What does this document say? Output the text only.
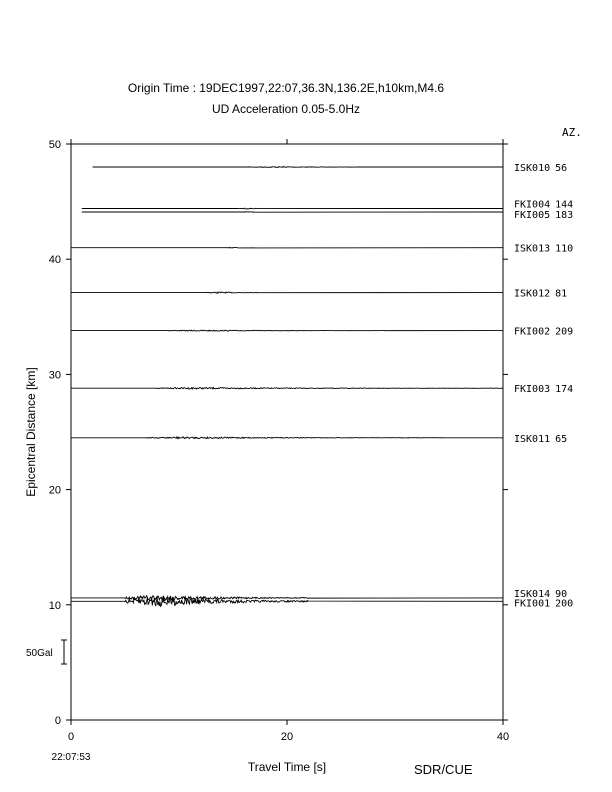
Origin Time : 19DEC1997,22:07,36.3N,136.2E,h10km,M4.6
UD Acceleration 0.05-5.0Hz
AZ.
0
10
20
30
40
50
0	20	40
ISK010 56
FKI004 144
FKI005 183
ISK013 110
ISK012 81
FKI002 209
FKI003 174
ISK011 65
ISK014 90
FKI001 200
Travel Time [s]
Epicentral Distance [km]
22:07:53
50Gal
SDR/CUE
